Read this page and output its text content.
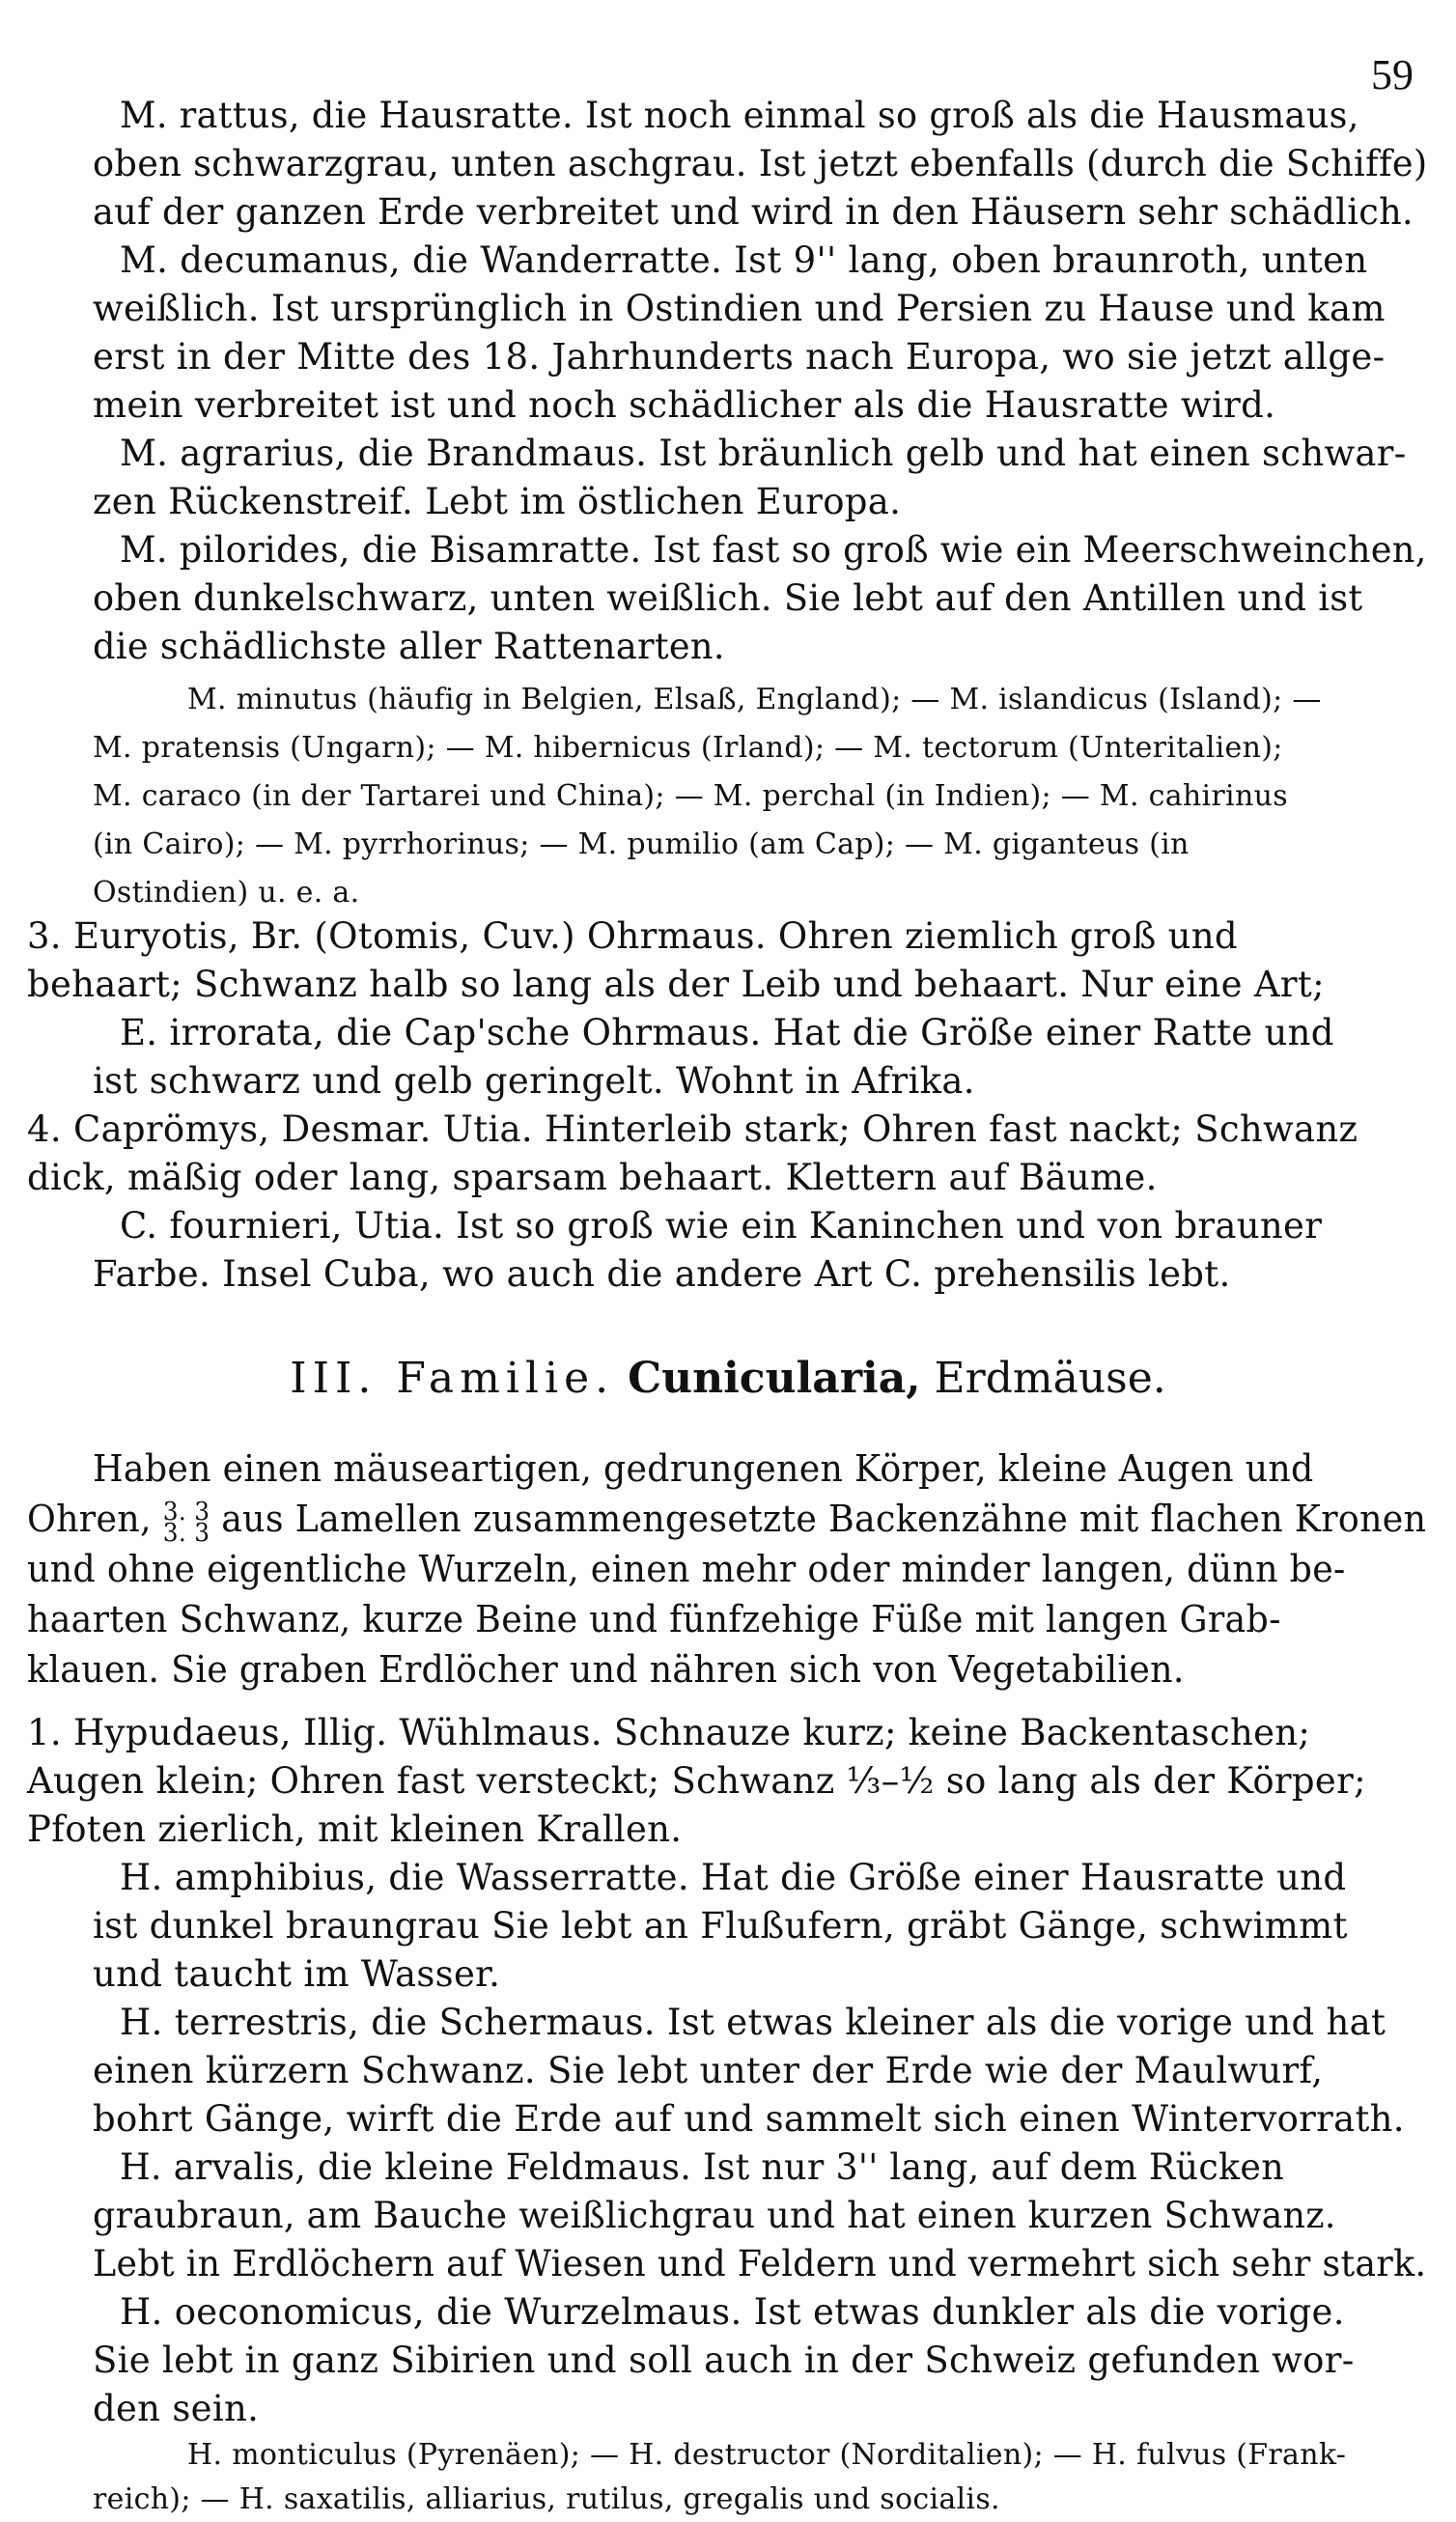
59
M. rattus, die Hausratte. Ist noch einmal so groß als die Hausmaus,
oben schwarzgrau, unten aschgrau. Ist jetzt ebenfalls (durch die Schiffe)
auf der ganzen Erde verbreitet und wird in den Häusern sehr schädlich.
M. decumanus, die Wanderratte. Ist 9'' lang, oben braunroth, unten
weißlich. Ist ursprünglich in Ostindien und Persien zu Hause und kam
erst in der Mitte des 18. Jahrhunderts nach Europa, wo sie jetzt allge-
mein verbreitet ist und noch schädlicher als die Hausratte wird.
M. agrarius, die Brandmaus. Ist bräunlich gelb und hat einen schwar-
zen Rückenstreif. Lebt im östlichen Europa.
M. pilorides, die Bisamratte. Ist fast so groß wie ein Meerschweinchen,
oben dunkelschwarz, unten weißlich. Sie lebt auf den Antillen und ist
die schädlichste aller Rattenarten.
M. minutus (häufig in Belgien, Elsaß, England); — M. islandicus (Island); —
M. pratensis (Ungarn); — M. hibernicus (Irland); — M. tectorum (Unteritalien);
M. caraco (in der Tartarei und China); — M. perchal (in Indien); — M. cahirinus
(in Cairo); — M. pyrrhorinus; — M. pumilio (am Cap); — M. giganteus (in
Ostindien) u. e. a.
3. Euryotis, Br. (Otomis, Cuv.) Ohrmaus. Ohren ziemlich groß und
behaart; Schwanz halb so lang als der Leib und behaart. Nur eine Art;
E. irrorata, die Cap'sche Ohrmaus. Hat die Größe einer Ratte und
ist schwarz und gelb geringelt. Wohnt in Afrika.
4. Caprömys, Desmar. Utia. Hinterleib stark; Ohren fast nackt; Schwanz
dick, mäßig oder lang, sparsam behaart. Klettern auf Bäume.
C. fournieri, Utia. Ist so groß wie ein Kaninchen und von brauner
Farbe. Insel Cuba, wo auch die andere Art C. prehensilis lebt.
III. Familie. Cunicularia, Erdmäuse.
Haben einen mäuseartigen, gedrungenen Körper, kleine Augen und
Ohren, 3. 3
3. 3 aus Lamellen zusammengesetzte Backenzähne mit flachen Kronen
und ohne eigentliche Wurzeln, einen mehr oder minder langen, dünn be-
haarten Schwanz, kurze Beine und fünfzehige Füße mit langen Grab-
klauen. Sie graben Erdlöcher und nähren sich von Vegetabilien.
1. Hypudaeus, Illig. Wühlmaus. Schnauze kurz; keine Backentaschen;
Augen klein; Ohren fast versteckt; Schwanz ⅓–½ so lang als der Körper;
Pfoten zierlich, mit kleinen Krallen.
H. amphibius, die Wasserratte. Hat die Größe einer Hausratte und
ist dunkel braungrau Sie lebt an Flußufern, gräbt Gänge, schwimmt
und taucht im Wasser.
H. terrestris, die Schermaus. Ist etwas kleiner als die vorige und hat
einen kürzern Schwanz. Sie lebt unter der Erde wie der Maulwurf,
bohrt Gänge, wirft die Erde auf und sammelt sich einen Wintervorrath.
H. arvalis, die kleine Feldmaus. Ist nur 3'' lang, auf dem Rücken
graubraun, am Bauche weißlichgrau und hat einen kurzen Schwanz.
Lebt in Erdlöchern auf Wiesen und Feldern und vermehrt sich sehr stark.
H. oeconomicus, die Wurzelmaus. Ist etwas dunkler als die vorige.
Sie lebt in ganz Sibirien und soll auch in der Schweiz gefunden wor-
den sein.
H. monticulus (Pyrenäen); — H. destructor (Norditalien); — H. fulvus (Frank-
reich); — H. saxatilis, alliarius, rutilus, gregalis und socialis.
